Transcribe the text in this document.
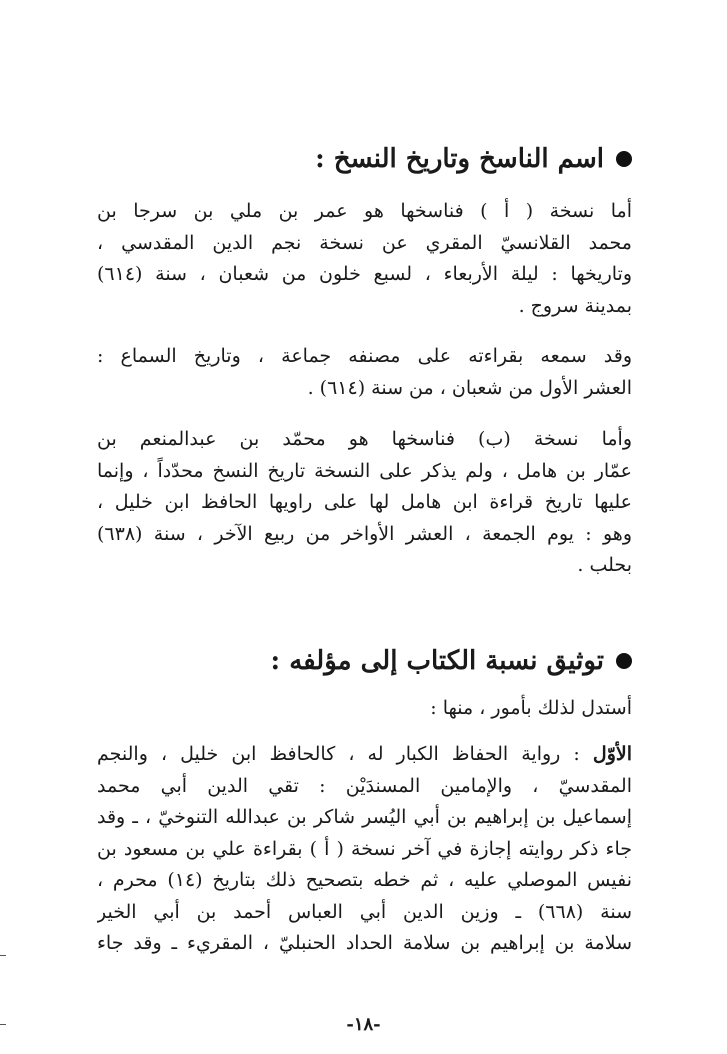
اسم الناسخ وتاريخ النسخ :
أما نسخة ( أ ) فناسخها هو عمر بن ملي بن سرجا بن
محمد القلانسيّ المقري عن نسخة نجم الدين المقدسي ،
وتاريخها : ليلة الأربعاء ، لسبع خلون من شعبان ، سنة (٦١٤)
بمدينة سروج .
وقد سمعه بقراءته على مصنفه جماعة ، وتاريخ السماع :
العشر الأول من شعبان ، من سنة (٦١٤) .
وأما نسخة (ب) فناسخها هو محمّد بن عبدالمنعم بن
عمّار بن هامل ، ولم يذكر على النسخة تاريخ النسخ محدّداً ، وإنما
عليها تاريخ قراءة ابن هامل لها على راويها الحافظ ابن خليل ،
وهو : يوم الجمعة ، العشر الأواخر من ربيع الآخر ، سنة (٦٣٨)
بحلب .
توثيق نسبة الكتاب إلى مؤلفه :
أستدل لذلك بأمور ، منها :
الأوّل : رواية الحفاظ الكبار له ، كالحافظ ابن خليل ، والنجم
المقدسيّ ، والإمامين المسندَيْن : تقي الدين أبي محمد
إسماعيل بن إبراهيم بن أبي اليُسر شاكر بن عبدالله التنوخيّ ، ـ وقد
جاء ذكر روايته إجازة في آخر نسخة ( أ ) بقراءة علي بن مسعود بن
نفيس الموصلي عليه ، ثم خطه بتصحيح ذلك بتاريخ (١٤) محرم ،
سنة (٦٦٨) ـ وزين الدين أبي العباس أحمد بن أبي الخير
سلامة بن إبراهيم بن سلامة الحداد الحنبليّ ، المقريء ـ وقد جاء
-١٨-
